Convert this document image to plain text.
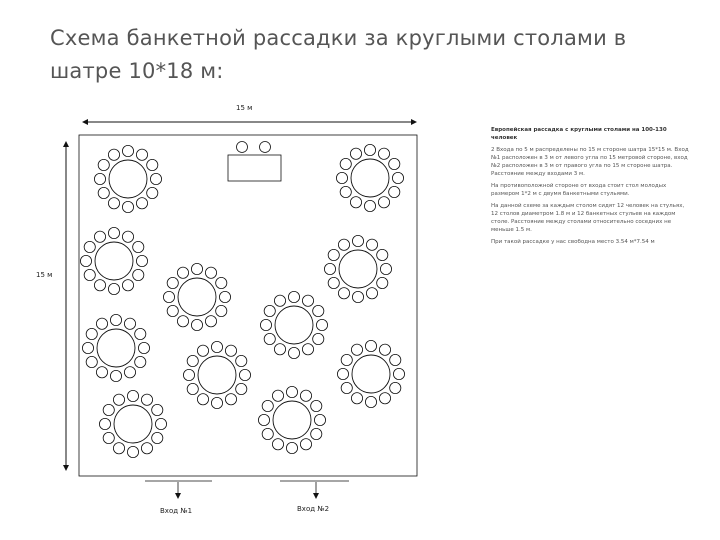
Схема банкетной рассадки за круглыми столами в
шатре 10*18 м:
15 м
15 м
Вход №1	Вход №2

Европейская рассадка с круглыми столами на 100-130 человек

2 Входа по 5 м распределены по 15 м стороне шатра 15*15 м. Вход №1 расположен в 3 м от левого угла по 15 метровой стороне, вход №2 расположен в 3 м от правого угла по 15 м стороне шатра. Расстояние между входами 3 м.

На противоположной стороне от входа стоит стол молодых размером 1*2 м с двумя банкетными стульями.

На данной схеме за каждым столом сидят 12 человек на стульях, 12 столов диаметром 1.8 м и 12 банкетных стульев на каждом столе. Расстояние между столами относительно соседних не меньше 1.5 м.

При такой рассадке у нас свободна место 3.54 м*7.54 м
